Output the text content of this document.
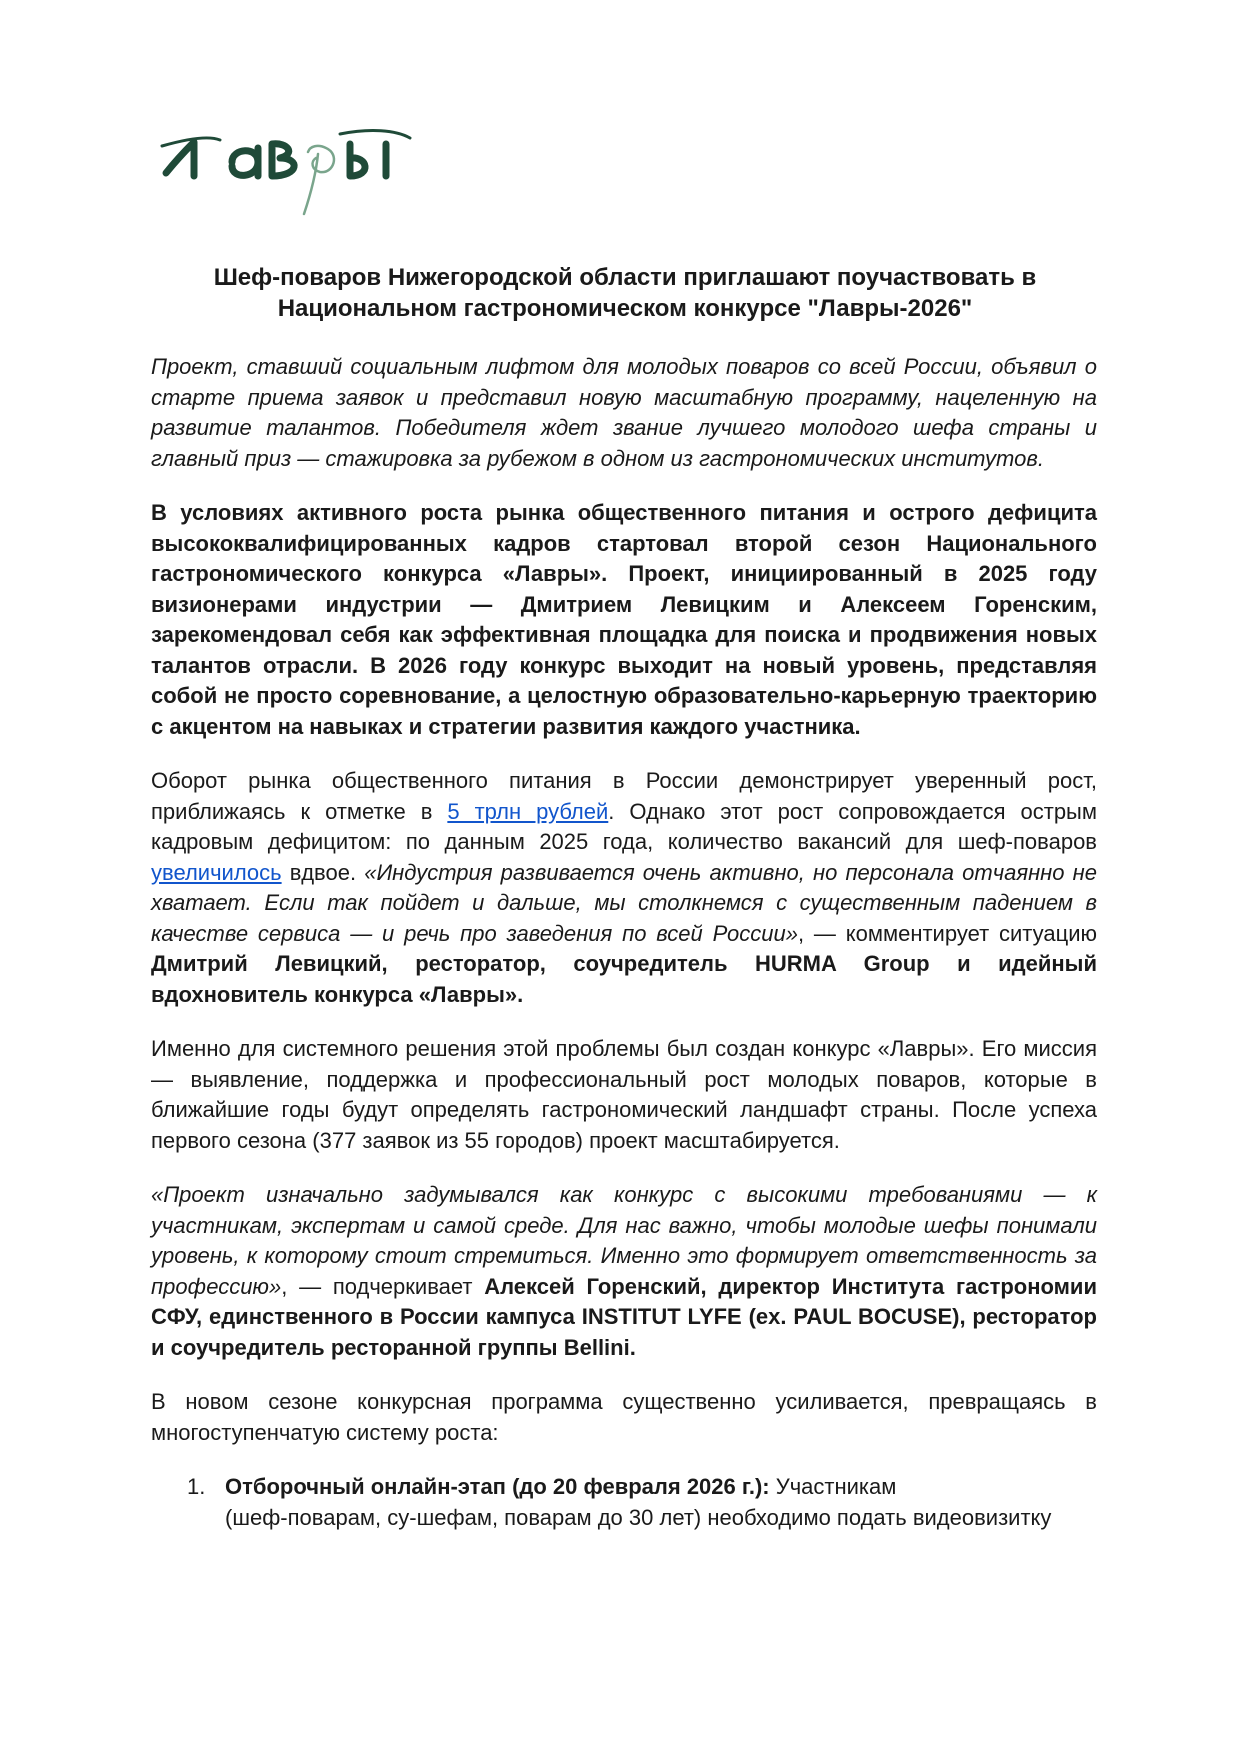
Шеф-поваров Нижегородской области приглашают поучаствовать в
Национальном гастрономическом конкурсе "Лавры-2026"

Проект, ставший социальным лифтом для молодых поваров со всей России, объявил о старте приема заявок и представил новую масштабную программу, нацеленную на развитие талантов. Победителя ждет звание лучшего молодого шефа страны и главный приз — стажировка за рубежом в одном из гастрономических институтов.

В условиях активного роста рынка общественного питания и острого дефицита высококвалифицированных кадров стартовал второй сезон Национального гастрономического конкурса «Лавры». Проект, инициированный в 2025 году визионерами индустрии — Дмитрием Левицким и Алексеем Горенским, зарекомендовал себя как эффективная площадка для поиска и продвижения новых талантов отрасли. В 2026 году конкурс выходит на новый уровень, представляя собой не просто соревнование, а целостную образовательно-карьерную траекторию с акцентом на навыках и стратегии развития каждого участника.

Оборот рынка общественного питания в России демонстрирует уверенный рост, приближаясь к отметке в 5 трлн рублей. Однако этот рост сопровождается острым кадровым дефицитом: по данным 2025 года, количество вакансий для шеф-поваров увеличилось вдвое. «Индустрия развивается очень активно, но персонала отчаянно не хватает. Если так пойдет и дальше, мы столкнемся с существенным падением в качестве сервиса — и речь про заведения по всей России», — комментирует ситуацию Дмитрий Левицкий, ресторатор, соучредитель HURMA Group и идейный вдохновитель конкурса «Лавры».

Именно для системного решения этой проблемы был создан конкурс «Лавры». Его миссия — выявление, поддержка и профессиональный рост молодых поваров, которые в ближайшие годы будут определять гастрономический ландшафт страны. После успеха первого сезона (377 заявок из 55 городов) проект масштабируется.

«Проект изначально задумывался как конкурс с высокими требованиями — к участникам, экспертам и самой среде. Для нас важно, чтобы молодые шефы понимали уровень, к которому стоит стремиться. Именно это формирует ответственность за профессию», — подчеркивает Алексей Горенский, директор Института гастрономии СФУ, единственного в России кампуса INSTITUT LYFE (ex. PAUL BOCUSE), ресторатор и соучредитель ресторанной группы Bellini.

В новом сезоне конкурсная программа существенно усиливается, превращаясь в многоступенчатую систему роста:

1. Отборочный онлайн-этап (до 20 февраля 2026 г.): Участникам
(шеф-поварам, су-шефам, поварам до 30 лет) необходимо подать видеовизитку
